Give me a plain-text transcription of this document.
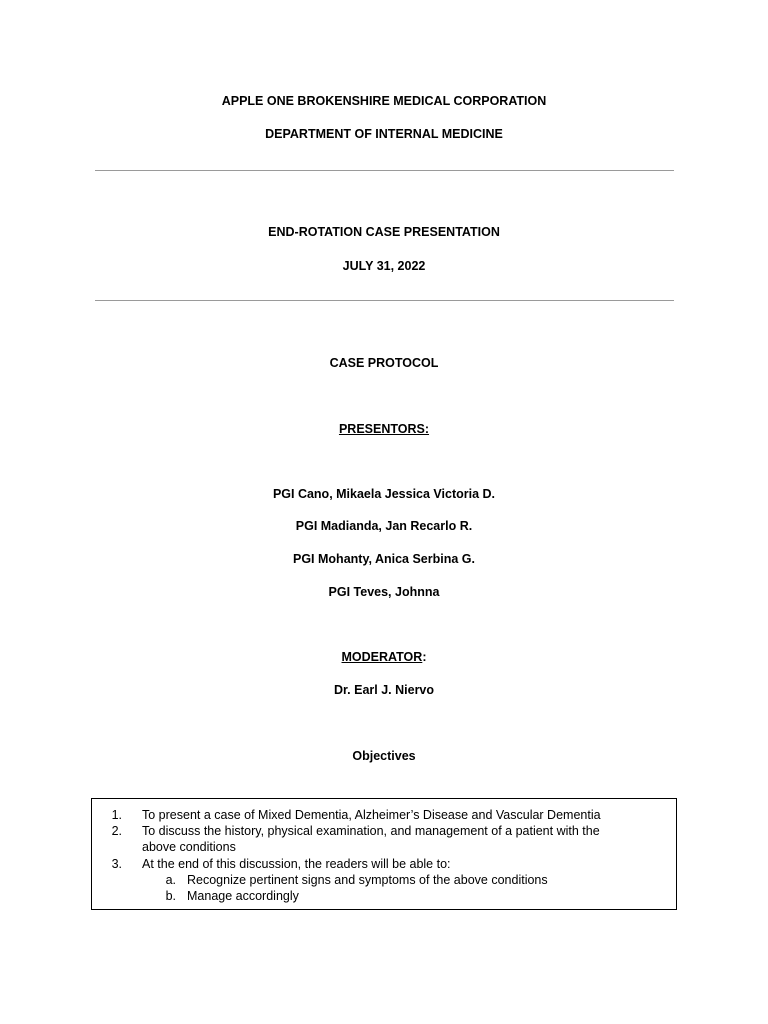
APPLE ONE BROKENSHIRE MEDICAL CORPORATION
DEPARTMENT OF INTERNAL MEDICINE
END-ROTATION CASE PRESENTATION
JULY 31, 2022
CASE PROTOCOL
PRESENTORS:
PGI Cano, Mikaela Jessica Victoria D.
PGI Madianda, Jan Recarlo R.
PGI Mohanty, Anica Serbina G.
PGI Teves, Johnna
MODERATOR:
Dr. Earl J. Niervo
Objectives
1. To present a case of Mixed Dementia, Alzheimer’s Disease and Vascular Dementia
2. To discuss the history, physical examination, and management of a patient with the
above conditions
3. At the end of this discussion, the readers will be able to:
a. Recognize pertinent signs and symptoms of the above conditions
b. Manage accordingly
